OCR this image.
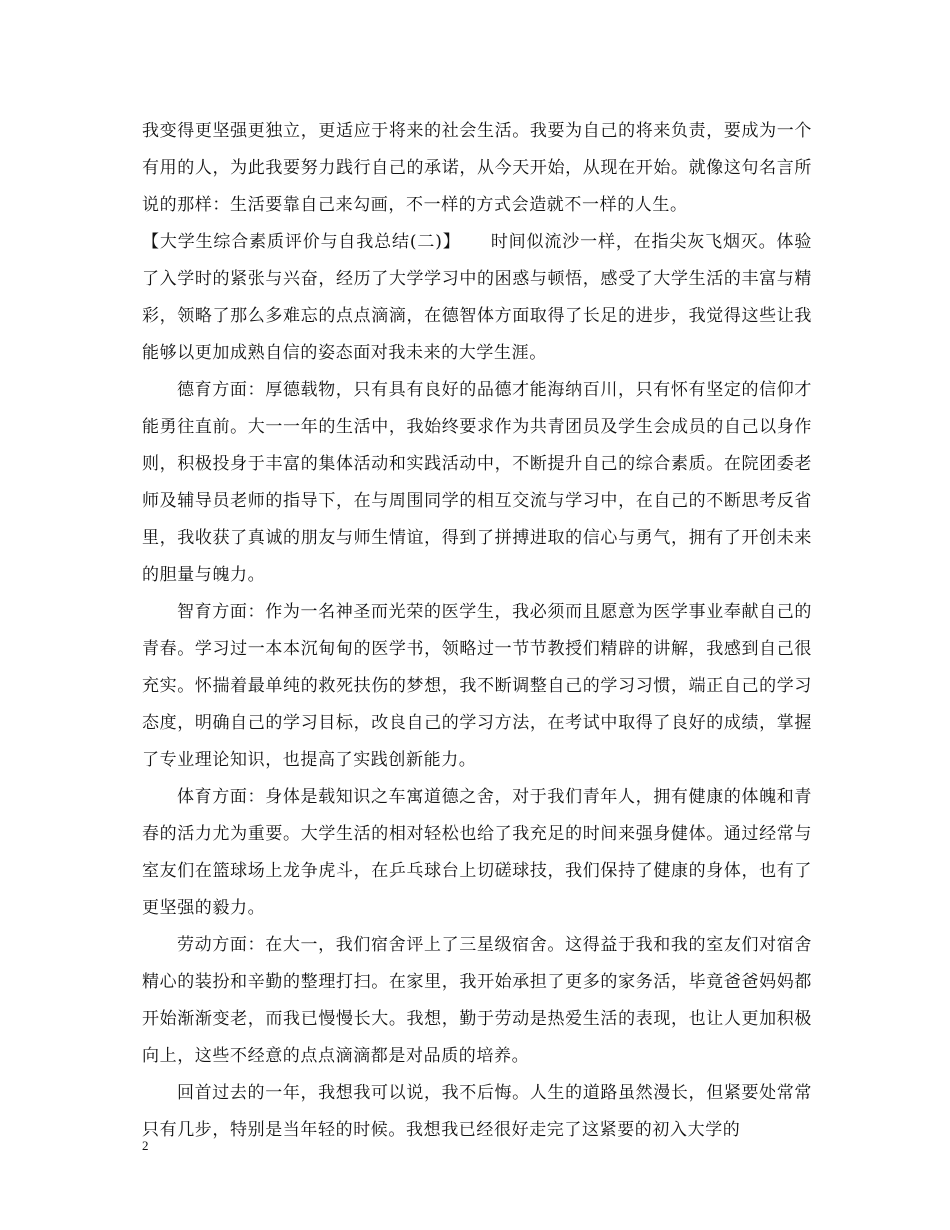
我变得更坚强更独立，更适应于将来的社会生活。我要为自己的将来负责，要成为一个有用的人，为此我要努力践行自己的承诺，从今天开始，从现在开始。就像这句名言所说的那样：生活要靠自己来勾画，不一样的方式会造就不一样的人生。

【大学生综合素质评价与自我总结(二)】 时间似流沙一样，在指尖灰飞烟灭。体验了入学时的紧张与兴奋，经历了大学学习中的困惑与顿悟，感受了大学生活的丰富与精彩，领略了那么多难忘的点点滴滴，在德智体方面取得了长足的进步，我觉得这些让我能够以更加成熟自信的姿态面对我未来的大学生涯。

德育方面：厚德载物，只有具有良好的品德才能海纳百川，只有怀有坚定的信仰才能勇往直前。大一一年的生活中，我始终要求作为共青团员及学生会成员的自己以身作则，积极投身于丰富的集体活动和实践活动中，不断提升自己的综合素质。在院团委老师及辅导员老师的指导下，在与周围同学的相互交流与学习中，在自己的不断思考反省里，我收获了真诚的朋友与师生情谊，得到了拼搏进取的信心与勇气，拥有了开创未来的胆量与魄力。

智育方面：作为一名神圣而光荣的医学生，我必须而且愿意为医学事业奉献自己的青春。学习过一本本沉甸甸的医学书，领略过一节节教授们精辟的讲解，我感到自己很充实。怀揣着最单纯的救死扶伤的梦想，我不断调整自己的学习习惯，端正自己的学习态度，明确自己的学习目标，改良自己的学习方法，在考试中取得了良好的成绩，掌握了专业理论知识，也提高了实践创新能力。

体育方面：身体是载知识之车寓道德之舍，对于我们青年人，拥有健康的体魄和青春的活力尤为重要。大学生活的相对轻松也给了我充足的时间来强身健体。通过经常与室友们在篮球场上龙争虎斗，在乒乓球台上切磋球技，我们保持了健康的身体，也有了更坚强的毅力。

劳动方面：在大一，我们宿舍评上了三星级宿舍。这得益于我和我的室友们对宿舍精心的装扮和辛勤的整理打扫。在家里，我开始承担了更多的家务活，毕竟爸爸妈妈都开始渐渐变老，而我已慢慢长大。我想，勤于劳动是热爱生活的表现，也让人更加积极向上，这些不经意的点点滴滴都是对品质的培养。

回首过去的一年，我想我可以说，我不后悔。人生的道路虽然漫长，但紧要处常常只有几步，特别是当年轻的时候。我想我已经很好走完了这紧要的初入大学的

2
